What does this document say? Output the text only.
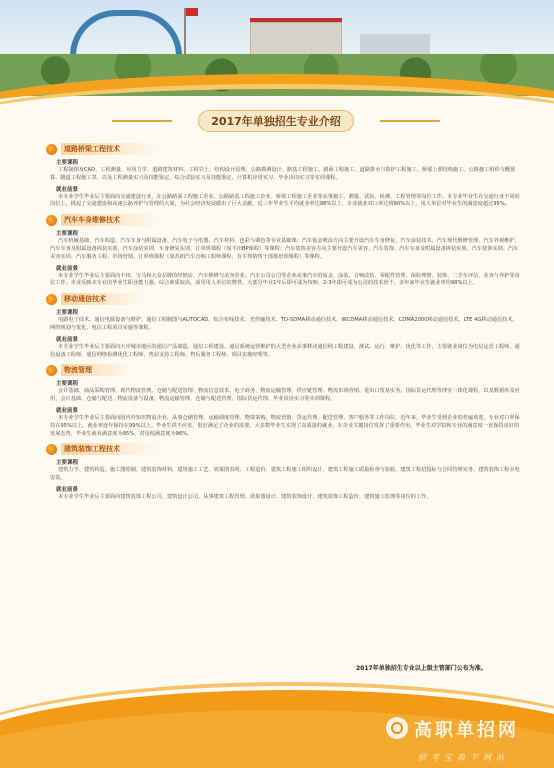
2017年单独招生专业介绍
道路桥梁工程技术
主要课程
工程制图及CAD、工程测量、应用力学、道路建筑材料、工程岩土、结构设计原理、公路勘测设计、路基工程施工、路面工程施工、道路排水与防护工程施工、桥梁上部结构施工、公路施工组织与概预算、隧道工程施工等，以及工程测量实习及技能鉴定、综合试验实习及技能鉴定、计算机应用实习、毕业顶岗实习等实训课程。
就业前景
本专业学生毕业后主要面向交通建设行业，在公路路面工程施工企业、公路路基工程施工企业、桥梁工程施工企业等从事施工、测量、试验、检测、工程管理等岗位工作。本专业毕业生在交通行业不同的岗位上，挑起了交通建设和高速公路养护与管理的大梁，为社会经济发展做出了巨大贡献。近三年毕业生平均就业率达98%以上，专业就业对口率达到90%以上，用人单位对毕业生的满意度超过95%。
汽车车身维修技术
主要课程
汽车机械基础、汽车构造、汽车车身与附属设备、汽车电子与电器、汽车材料、色彩与调色等专业基础课；汽车钣金喷涂方向主要开设汽车车身修复、汽车涂装技术、汽车现代维修管理、汽车外观维护、汽车车身及附属设备拆装实训、汽车涂装实训、车身修复实训、订单班课程（如丰田BP课程）等课程；汽车装饰美容方向主要开设汽车美容、汽车装饰、汽车车身及附属设备拆装实训、汽车装饰实训、汽车美容实训、汽车服务工程、市场营销、订单班课程（如苏朗汽车音响工程师课程、有车邦销售干部班培训课程）等课程。
就业前景
本专业学生毕业后主要面向丰田、宝马和大众品牌的经销店、汽车维修与美容企业、汽车公司公司等企业从事汽车的钣金、涂装、音响改装、零配件管理、保险理赔、装饰、二手车评估、美容与养护等岗位工作。企业反映本专业的毕业生职业能力强、综合素质较高，深受用人单位的赞誉。大部分毕业1年后即可成为技师，2-3年即可成为公司的技术骨干，多年来毕业生就业率均98%以上。
移动通信技术
主要课程
电路电子技术、通信电源设备与维护、通信工程制图与AUTOCAD、综合布线技术、光传输技术、TD-SDMA移动通信技术、WCDMA移动通信技术、CDMA2000移动通信技术、LTE 4G移动通信技术、网络规划与优化、电信工程项目实施等课程。
就业前景
本专业学生毕业后主要面向大中城市地区的通信产品制造、通信工程建设、通信系统运营维护的大型企业从事移动通信网工程建设、测试、运行、维护、优化等工作，主要就业岗位为电信运营工程师、通信设备工程师、通信网络检测优化工程师、售前支持工程师、售后服务工程师、项目实施经理等。
物流管理
主要课程
会计基础、商品采购管理、现代物流管理、仓储与配送管理、物流信息技术、电子商务、物流运输管理、供应链管理、物流市场营销、进出口贸易实务、国际货运代理等理实一体化课程，以及数据库及应用、会计基础、仓储与配送、物流设备与设备、物流运输管理、仓储与配送管理、国际货运代理、毕业顶岗实习等实训课程。
就业前景
本专业学生毕业后主要面向国内外知名物流企业，从事仓储管理、运输调度管理、物资采购、物流营销、货运代理、配送管理、客户服务等工作岗位。近年来，毕业生受到企业的普遍欢迎，专业对口率保持在95%以上，就业率连年保持在99%以上。毕业生供不应求，很好满足了企业的需要。大多数毕业生实现了高质量的就业，在企业关键岗位发挥了重要作用。毕业生对学院和专业的满意度一直保持良好的发展态势，毕业生就业满意度为95%，对母校满意度为96%。
建筑装饰工程技术
主要课程
建筑力学、建筑构造、施工图绘制、建筑装饰材料、建筑施工工艺、效果图表现、工程造价、建筑工程施工组织设计、建筑工程施工质量检查与验收、建筑工程招投标与合同管理实务、建筑装饰工程水电安装。
就业前景
本专业学生毕业后主要面向建筑装饰工程公司、建筑设计公司，从事建筑工程管理、效果图设计、建筑装饰设计、建筑装饰工程造价、建筑施工监理等岗位的工作。
2017年单独招生专业以上级主管部门公布为准。
高职单招网
招考宝典下网站
